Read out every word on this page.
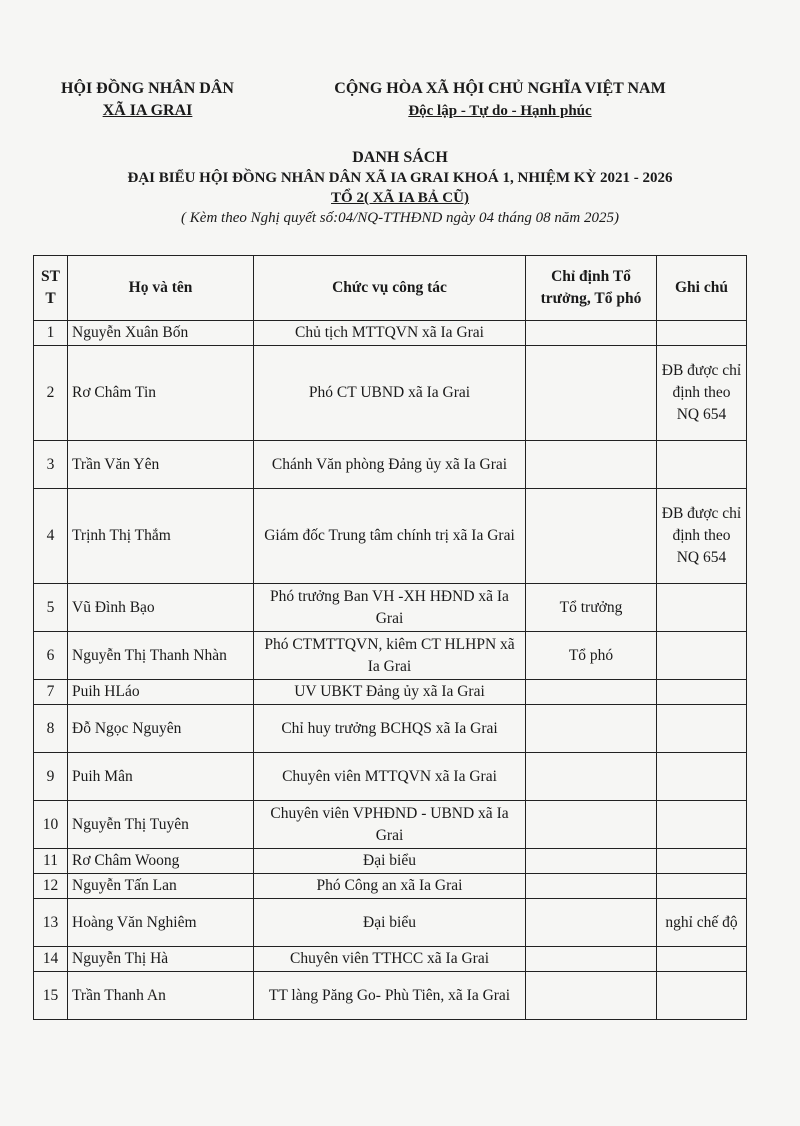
HỘI ĐỒNG NHÂN DÂN
XÃ IA GRAI
CỘNG HÒA XÃ HỘI CHỦ NGHĨA VIỆT NAM
Độc lập - Tự do - Hạnh phúc
DANH SÁCH
ĐẠI BIỂU HỘI ĐỒNG NHÂN DÂN XÃ IA GRAI KHOÁ 1, NHIỆM KỲ 2021 - 2026
TỔ 2( XÃ IA BẢ CŨ)
( Kèm theo Nghị quyết số:04/NQ-TTHĐND ngày 04 tháng 08 năm 2025)
ST T	Họ và tên	Chức vụ công tác	Chỉ định Tổ trưởng, Tổ phó	Ghi chú
1	Nguyễn Xuân Bốn	Chủ tịch MTTQVN xã Ia Grai		
2	Rơ Châm Tin	Phó CT UBND xã Ia Grai		ĐB được chỉ định theo NQ 654
3	Trần Văn Yên	Chánh Văn phòng Đảng ủy xã Ia Grai		
4	Trịnh Thị Thắm	Giám đốc Trung tâm chính trị xã Ia Grai		ĐB được chỉ định theo NQ 654
5	Vũ Đình Bạo	Phó trưởng Ban VH -XH HĐND xã Ia Grai	Tổ trưởng	
6	Nguyễn Thị Thanh Nhàn	Phó CTMTTQVN, kiêm CT HLHPN xã Ia Grai	Tổ phó	
7	Puih HLáo	UV UBKT Đảng ủy xã Ia Grai		
8	Đỗ Ngọc Nguyên	Chỉ huy trưởng BCHQS xã Ia Grai		
9	Puih Mân	Chuyên viên MTTQVN xã Ia Grai		
10	Nguyễn Thị Tuyên	Chuyên viên VPHĐND - UBND xã Ia Grai		
11	Rơ Châm Woong	Đại biểu		
12	Nguyễn Tấn Lan	Phó Công an xã Ia Grai		
13	Hoàng Văn Nghiêm	Đại biểu		nghỉ chế độ
14	Nguyễn Thị Hà	Chuyên viên TTHCC xã Ia Grai		
15	Trần Thanh An	TT làng Păng Go- Phù Tiên, xã Ia Grai		
